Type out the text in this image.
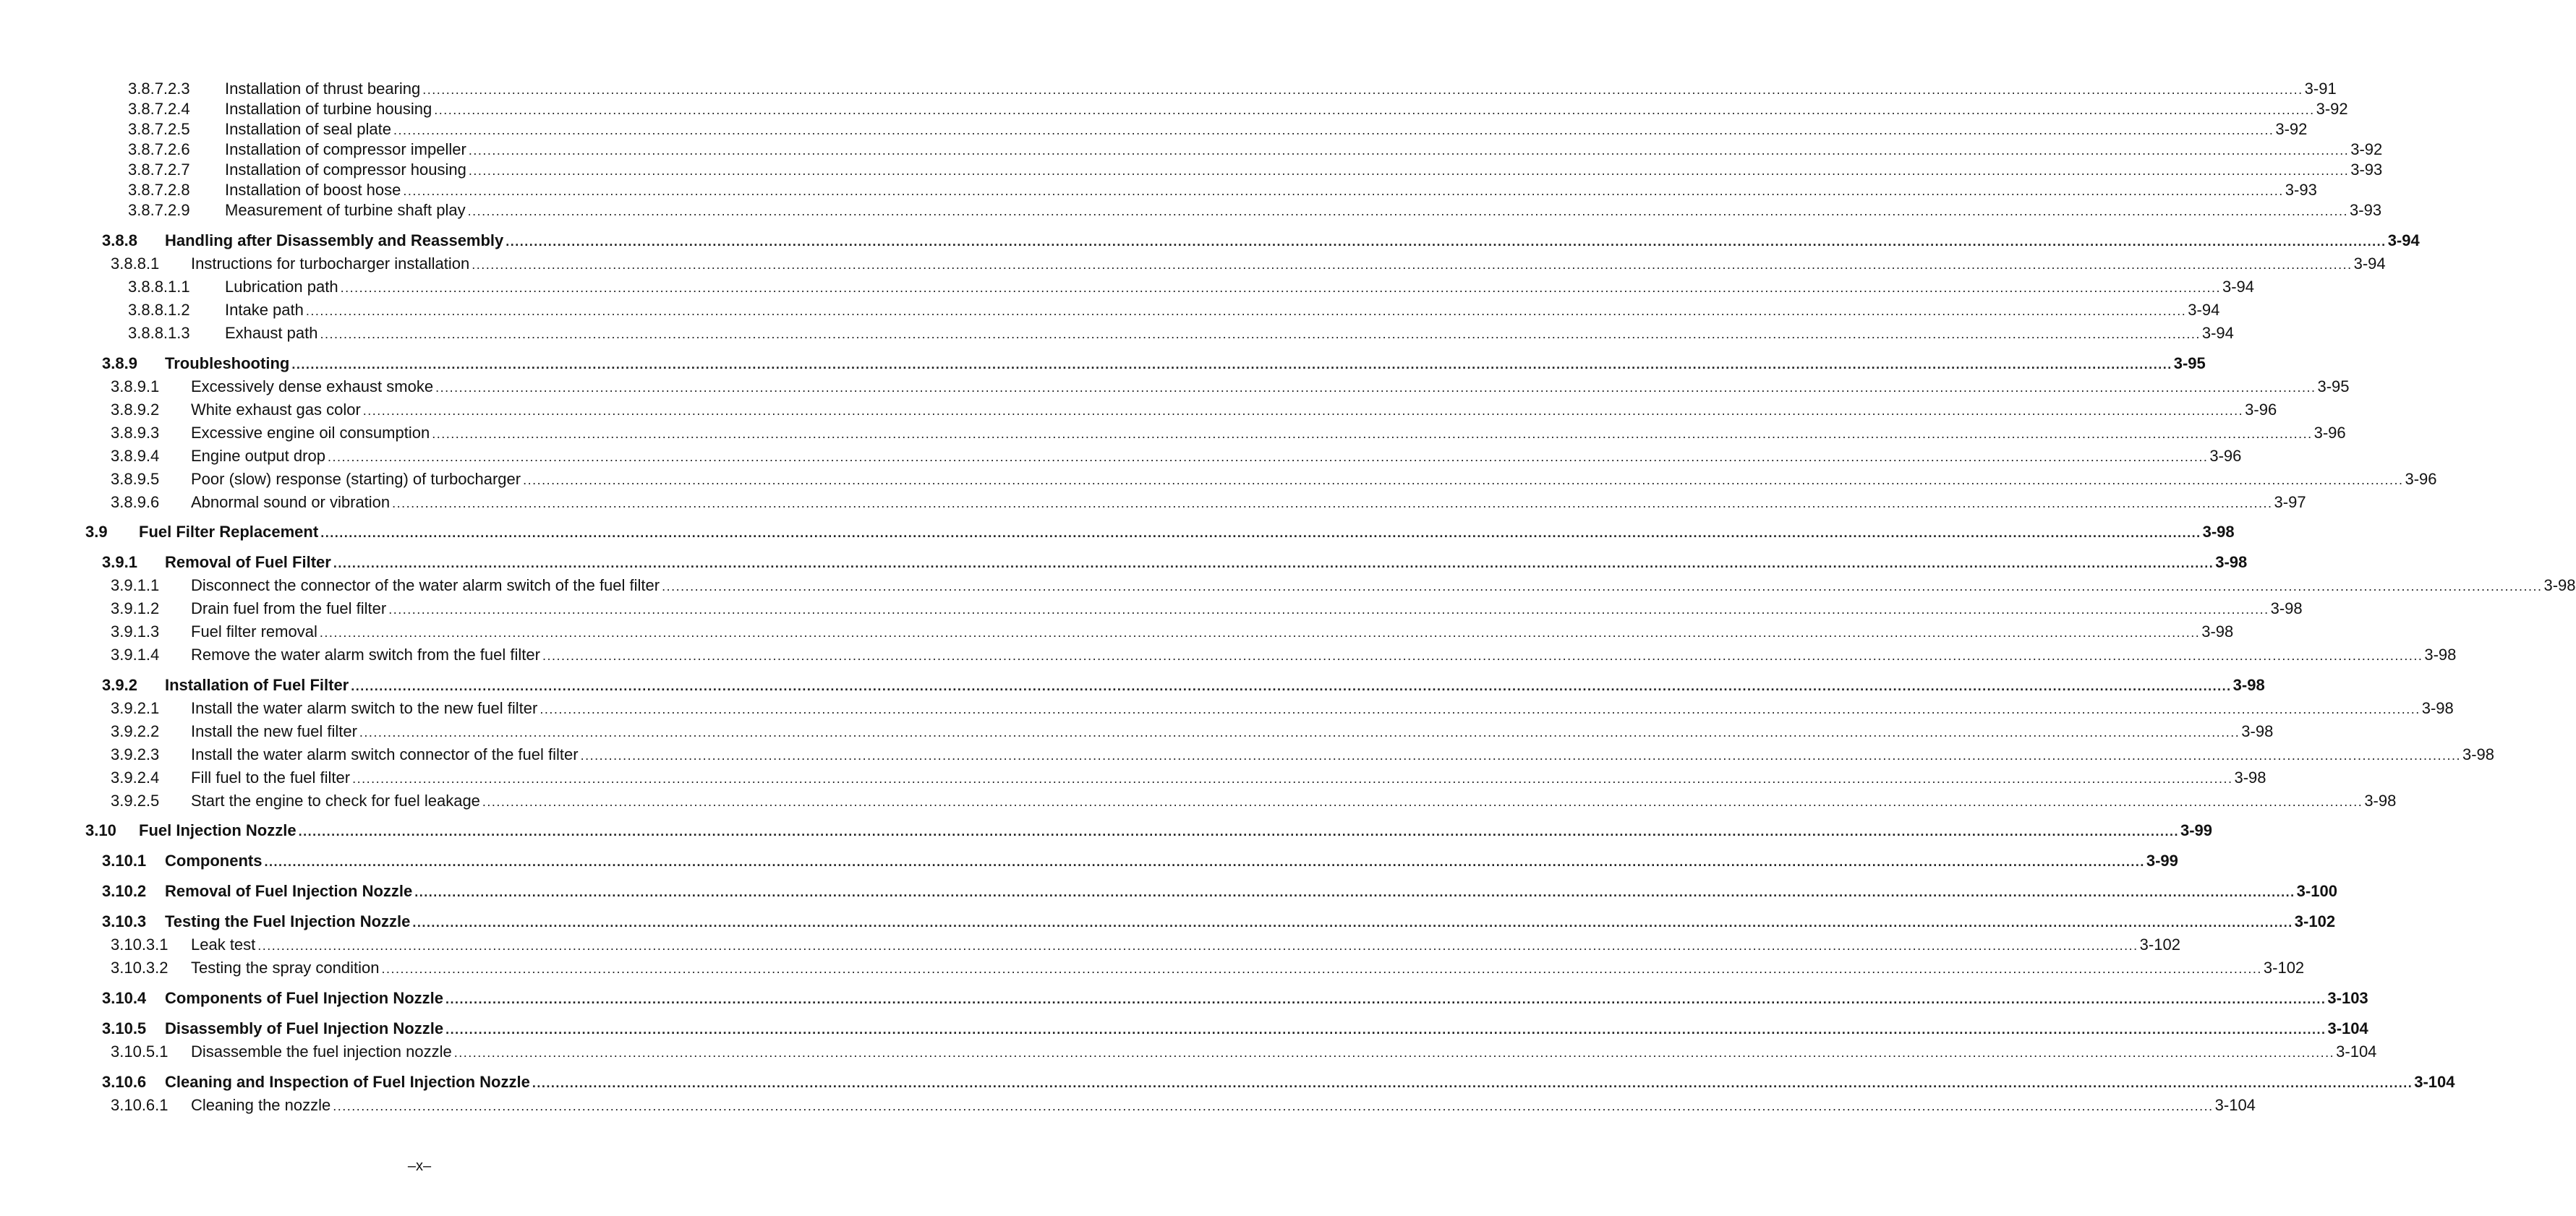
3.8.7.2.3 Installation of thrust bearing ................................................................................................................................................................................................................................................................................................................................................................................................................ 3-91
3.8.7.2.4 Installation of turbine housing ................................................................................................................................................................................................................................................................................................................................................................................................................ 3-92
3.8.7.2.5 Installation of seal plate ................................................................................................................................................................................................................................................................................................................................................................................................................ 3-92
3.8.7.2.6 Installation of compressor impeller ................................................................................................................................................................................................................................................................................................................................................................................................................ 3-92
3.8.7.2.7 Installation of compressor housing ................................................................................................................................................................................................................................................................................................................................................................................................................ 3-93
3.8.7.2.8 Installation of boost hose ................................................................................................................................................................................................................................................................................................................................................................................................................ 3-93
3.8.7.2.9 Measurement of turbine shaft play ................................................................................................................................................................................................................................................................................................................................................................................................................ 3-93
3.8.8 Handling after Disassembly and Reassembly ................................................................................................................................................................................................................................................................................................................................................................................................................ 3-94
3.8.8.1 Instructions for turbocharger installation ................................................................................................................................................................................................................................................................................................................................................................................................................ 3-94
3.8.8.1.1 Lubrication path ................................................................................................................................................................................................................................................................................................................................................................................................................ 3-94
3.8.8.1.2 Intake path ................................................................................................................................................................................................................................................................................................................................................................................................................ 3-94
3.8.8.1.3 Exhaust path ................................................................................................................................................................................................................................................................................................................................................................................................................ 3-94
3.8.9 Troubleshooting ................................................................................................................................................................................................................................................................................................................................................................................................................ 3-95
3.8.9.1 Excessively dense exhaust smoke ................................................................................................................................................................................................................................................................................................................................................................................................................ 3-95
3.8.9.2 White exhaust gas color ................................................................................................................................................................................................................................................................................................................................................................................................................ 3-96
3.8.9.3 Excessive engine oil consumption ................................................................................................................................................................................................................................................................................................................................................................................................................ 3-96
3.8.9.4 Engine output drop ................................................................................................................................................................................................................................................................................................................................................................................................................ 3-96
3.8.9.5 Poor (slow) response (starting) of turbocharger ................................................................................................................................................................................................................................................................................................................................................................................................................ 3-96
3.8.9.6 Abnormal sound or vibration ................................................................................................................................................................................................................................................................................................................................................................................................................ 3-97
3.9 Fuel Filter Replacement ................................................................................................................................................................................................................................................................................................................................................................................................................ 3-98
3.9.1 Removal of Fuel Filter ................................................................................................................................................................................................................................................................................................................................................................................................................ 3-98
3.9.1.1 Disconnect the connector of the water alarm switch of the fuel filter ................................................................................................................................................................................................................................................................................................................................................................................................................ 3-98
3.9.1.2 Drain fuel from the fuel filter ................................................................................................................................................................................................................................................................................................................................................................................................................ 3-98
3.9.1.3 Fuel filter removal ................................................................................................................................................................................................................................................................................................................................................................................................................ 3-98
3.9.1.4 Remove the water alarm switch from the fuel filter ................................................................................................................................................................................................................................................................................................................................................................................................................ 3-98
3.9.2 Installation of Fuel Filter ................................................................................................................................................................................................................................................................................................................................................................................................................ 3-98
3.9.2.1 Install the water alarm switch to the new fuel filter ................................................................................................................................................................................................................................................................................................................................................................................................................ 3-98
3.9.2.2 Install the new fuel filter ................................................................................................................................................................................................................................................................................................................................................................................................................ 3-98
3.9.2.3 Install the water alarm switch connector of the fuel filter ................................................................................................................................................................................................................................................................................................................................................................................................................ 3-98
3.9.2.4 Fill fuel to the fuel filter ................................................................................................................................................................................................................................................................................................................................................................................................................ 3-98
3.9.2.5 Start the engine to check for fuel leakage ................................................................................................................................................................................................................................................................................................................................................................................................................ 3-98
3.10 Fuel Injection Nozzle ................................................................................................................................................................................................................................................................................................................................................................................................................ 3-99
3.10.1 Components ................................................................................................................................................................................................................................................................................................................................................................................................................ 3-99
3.10.2 Removal of Fuel Injection Nozzle ................................................................................................................................................................................................................................................................................................................................................................................................................ 3-100
3.10.3 Testing the Fuel Injection Nozzle ................................................................................................................................................................................................................................................................................................................................................................................................................ 3-102
3.10.3.1 Leak test ................................................................................................................................................................................................................................................................................................................................................................................................................ 3-102
3.10.3.2 Testing the spray condition ................................................................................................................................................................................................................................................................................................................................................................................................................ 3-102
3.10.4 Components of Fuel Injection Nozzle ................................................................................................................................................................................................................................................................................................................................................................................................................ 3-103
3.10.5 Disassembly of Fuel Injection Nozzle ................................................................................................................................................................................................................................................................................................................................................................................................................ 3-104
3.10.5.1 Disassemble the fuel injection nozzle ................................................................................................................................................................................................................................................................................................................................................................................................................ 3-104
3.10.6 Cleaning and Inspection of Fuel Injection Nozzle ................................................................................................................................................................................................................................................................................................................................................................................................................ 3-104
3.10.6.1 Cleaning the nozzle ................................................................................................................................................................................................................................................................................................................................................................................................................ 3-104
–x–
